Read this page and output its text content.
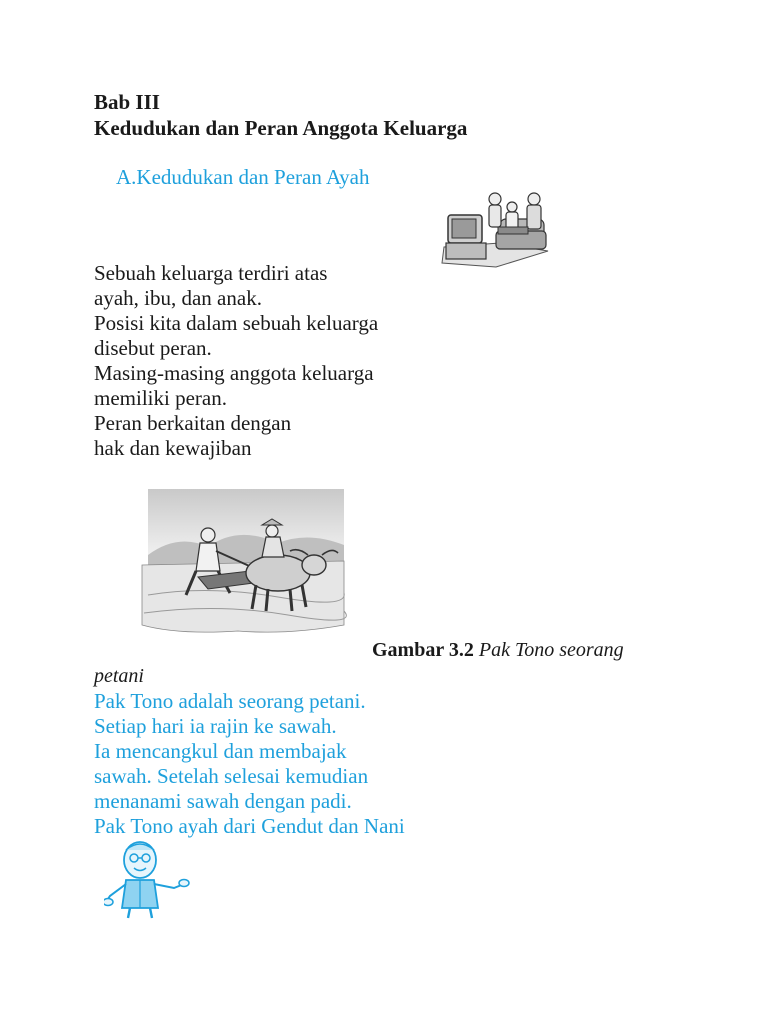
Bab III
Kedudukan dan Peran Anggota Keluarga
A.Kedudukan dan Peran Ayah
Sebuah keluarga terdiri atas
ayah, ibu, dan anak.
Posisi kita dalam sebuah keluarga
disebut peran.
Masing-masing anggota keluarga
memiliki peran.
Peran berkaitan dengan
hak dan kewajiban
Gambar 3.2 Pak Tono seorang
petani
Pak Tono adalah seorang petani.
Setiap hari ia rajin ke sawah.
Ia mencangkul dan membajak
sawah. Setelah selesai kemudian
menanami sawah dengan padi.
Pak Tono ayah dari Gendut dan Nani
